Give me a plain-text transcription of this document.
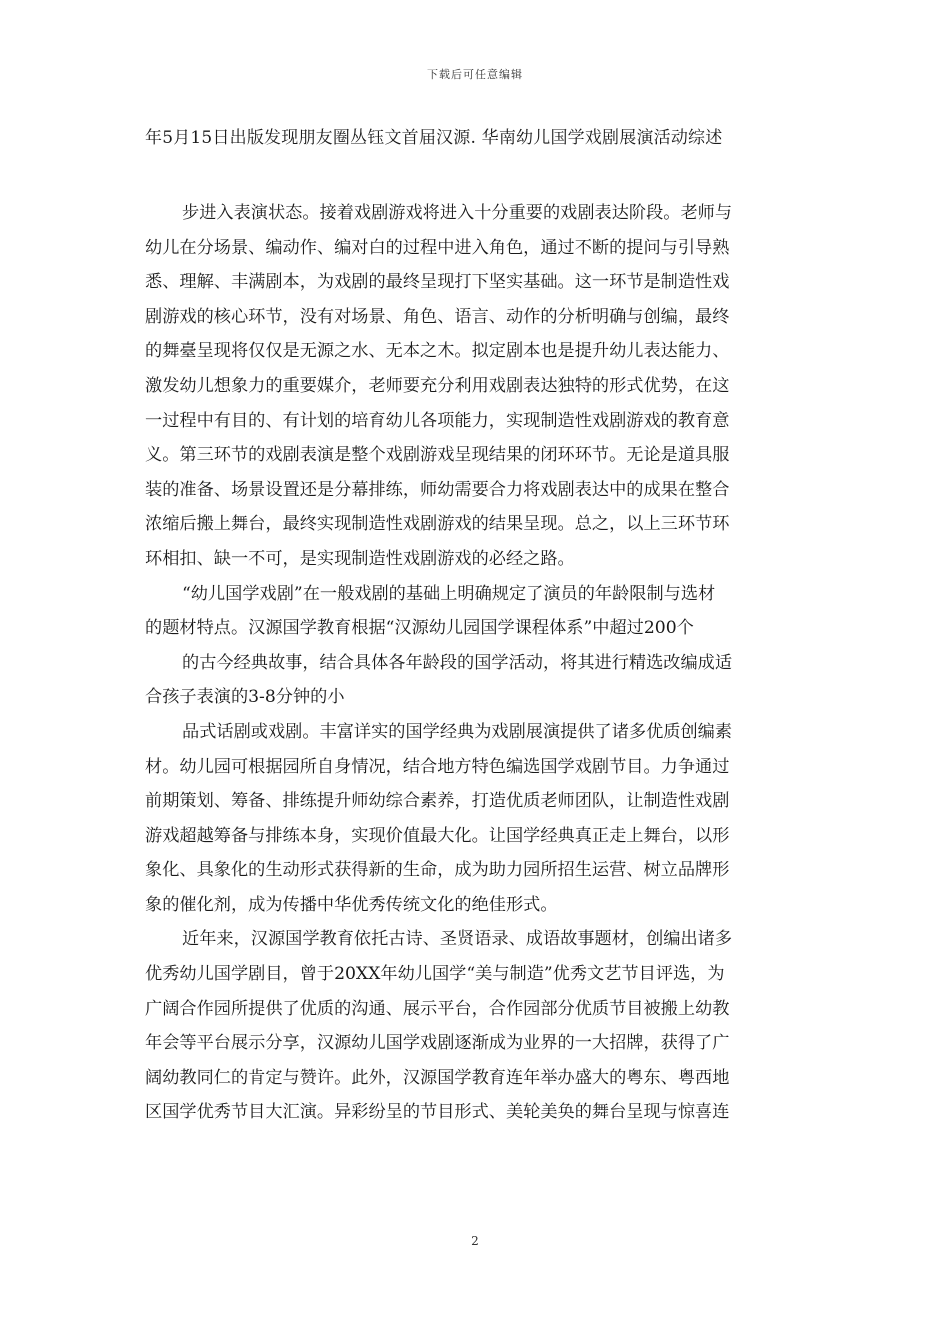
下载后可任意编辑
年5月15日出版发现朋友圈丛钰文首届汉源. 华南幼儿国学戏剧展演活动综述
步进入表演状态。接着戏剧游戏将进入十分重要的戏剧表达阶段。老师与
幼儿在分场景、编动作、编对白的过程中进入角色，通过不断的提问与引导熟
悉、理解、丰满剧本，为戏剧的最终呈现打下坚实基础。这一环节是制造性戏
剧游戏的核心环节，没有对场景、角色、语言、动作的分析明确与创编，最终
的舞臺呈现将仅仅是无源之水、无本之木。拟定剧本也是提升幼儿表达能力、
激发幼儿想象力的重要媒介，老师要充分利用戏剧表达独特的形式优势，在这
一过程中有目的、有计划的培育幼儿各项能力，实现制造性戏剧游戏的教育意
义。第三环节的戏剧表演是整个戏剧游戏呈现结果的闭环环节。无论是道具服
装的准备、场景设置还是分幕排练，师幼需要合力将戏剧表达中的成果在整合
浓缩后搬上舞台，最终实现制造性戏剧游戏的结果呈现。总之，以上三环节环
环相扣、缺一不可，是实现制造性戏剧游戏的必经之路。
“幼儿国学戏剧”在一般戏剧的基础上明确规定了演员的年龄限制与选材
的题材特点。汉源国学教育根据“汉源幼儿园国学课程体系”中超过200个
的古今经典故事，结合具体各年龄段的国学活动，将其进行精选改编成适
合孩子表演的3-8分钟的小
品式话剧或戏剧。丰富详实的国学经典为戏剧展演提供了诸多优质创编素
材。幼儿园可根据园所自身情况，结合地方特色编选国学戏剧节目。力争通过
前期策划、筹备、排练提升师幼综合素养，打造优质老师团队，让制造性戏剧
游戏超越筹备与排练本身，实现价值最大化。让国学经典真正走上舞台，以形
象化、具象化的生动形式获得新的生命，成为助力园所招生运营、树立品牌形
象的催化剂，成为传播中华优秀传统文化的绝佳形式。
近年来，汉源国学教育依托古诗、圣贤语录、成语故事题材，创编出诸多
优秀幼儿国学剧目，曾于20XX年幼儿国学“美与制造”优秀文艺节目评选，为
广阔合作园所提供了优质的沟通、展示平台，合作园部分优质节目被搬上幼教
年会等平台展示分享，汉源幼儿国学戏剧逐渐成为业界的一大招牌，获得了广
阔幼教同仁的肯定与赞许。此外，汉源国学教育连年举办盛大的粤东、粤西地
区国学优秀节目大汇演。异彩纷呈的节目形式、美轮美奂的舞台呈现与惊喜连
2
